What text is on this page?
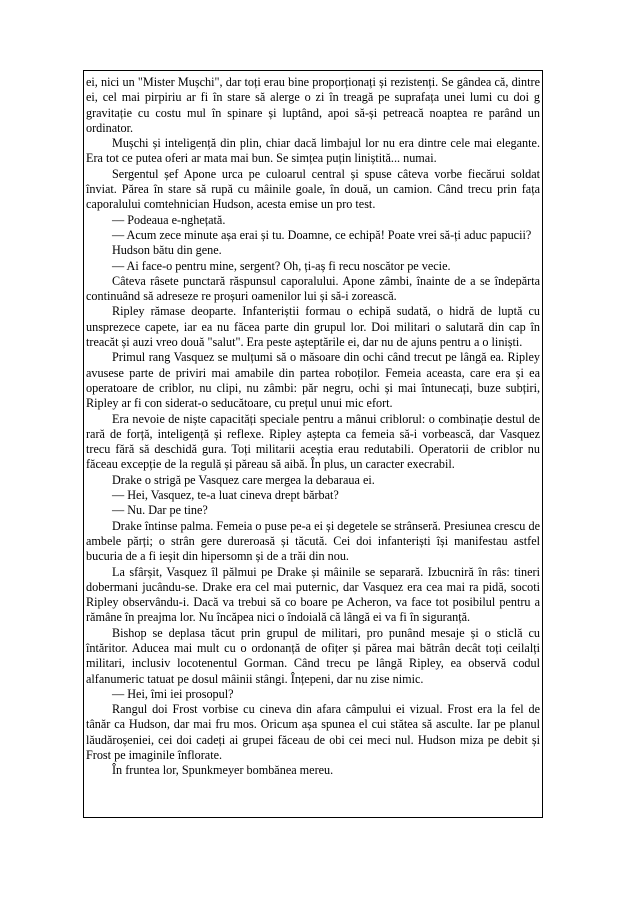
ei, nici un "Mister Mușchi", dar toți erau bine proporționați și rezistenți. Se gândea că, dintre ei, cel mai pirpiriu ar fi în stare să alerge o zi în treagă pe suprafața unei lumi cu doi g gravitație cu costu mul în spinare și luptând, apoi să-și petreacă noaptea re parând un ordinator.

Mușchi și inteligență din plin, chiar dacă limbajul lor nu era dintre cele mai elegante. Era tot ce putea oferi ar mata mai bun. Se simțea puțin liniștită... numai.

Sergentul șef Apone urca pe culoarul central și spuse câteva vorbe fiecărui soldat înviat. Părea în stare să rupă cu mâinile goale, în două, un camion. Când trecu prin fața caporalului comtehnician Hudson, acesta emise un pro test.

― Podeaua e-nghețată.

― Acum zece minute așa erai și tu. Doamne, ce echipă! Poate vrei să-ți aduc papucii?

Hudson bătu din gene.

― Ai face-o pentru mine, sergent? Oh, ți-aș fi recu noscător pe vecie.

Câteva râsete punctară răspunsul caporalului. Apone zâmbi, înainte de a se îndepărta continuând să adreseze re proșuri oamenilor lui și să-i zorească.

Ripley rămase deoparte. Infanteriștii formau o echipă sudată, o hidră de luptă cu unsprezece capete, iar ea nu făcea parte din grupul lor. Doi militari o salutară din cap în treacăt și auzi vreo două "salut". Era peste așteptările ei, dar nu de ajuns pentru a o liniști.

Primul rang Vasquez se mulțumi să o măsoare din ochi când trecut pe lângă ea. Ripley avusese parte de priviri mai amabile din partea roboților. Femeia aceasta, care era și ea operatoare de criblor, nu clipi, nu zâmbi: păr negru, ochi și mai întunecați, buze subțiri, Ripley ar fi con siderat-o seducătoare, cu prețul unui mic efort.

Era nevoie de niște capacități speciale pentru a mânui criblorul: o combinație destul de rară de forță, inteligență și reflexe. Ripley aștepta ca femeia să-i vorbească, dar Vasquez trecu fără să deschidă gura. Toți militarii aceștia erau redutabili. Operatorii de criblor nu făceau excepție de la regulă și păreau să aibă. În plus, un caracter execrabil.

Drake o strigă pe Vasquez care mergea la debaraua ei.

― Hei, Vasquez, te-a luat cineva drept bărbat?

― Nu. Dar pe tine?

Drake întinse palma. Femeia o puse pe-a ei și degetele se strânseră. Presiunea crescu de ambele părți; o strân gere dureroasă și tăcută. Cei doi infanteriști își manifestau astfel bucuria de a fi ieșit din hipersomn și de a trăi din nou.

La sfârșit, Vasquez îl pălmui pe Drake și mâinile se separară. Izbucniră în râs: tineri dobermani jucându-se. Drake era cel mai puternic, dar Vasquez era cea mai ra pidă, socoti Ripley observându-i. Dacă va trebui să co boare pe Acheron, va face tot posibilul pentru a rămâne în preajma lor. Nu încăpea nici o îndoială că lângă ei va fi în siguranță.

Bishop se deplasa tăcut prin grupul de militari, pro punând mesaje și o sticlă cu întăritor. Aducea mai mult cu o ordonanță de ofițer și părea mai bătrân decât toți ceilalți militari, inclusiv locotenentul Gorman. Când trecu pe lângă Ripley, ea observă codul alfanumeric tatuat pe dosul mâinii stângi. Înțepeni, dar nu zise nimic.

― Hei, îmi iei prosopul?

Rangul doi Frost vorbise cu cineva din afara câmpului ei vizual. Frost era la fel de tânăr ca Hudson, dar mai fru mos. Oricum așa spunea el cui stătea să asculte. Iar pe planul lăudăroșeniei, cei doi cadeți ai grupei făceau de obi cei meci nul. Hudson miza pe debit și Frost pe imaginile înflorate.

În fruntea lor, Spunkmeyer bombănea mereu.
